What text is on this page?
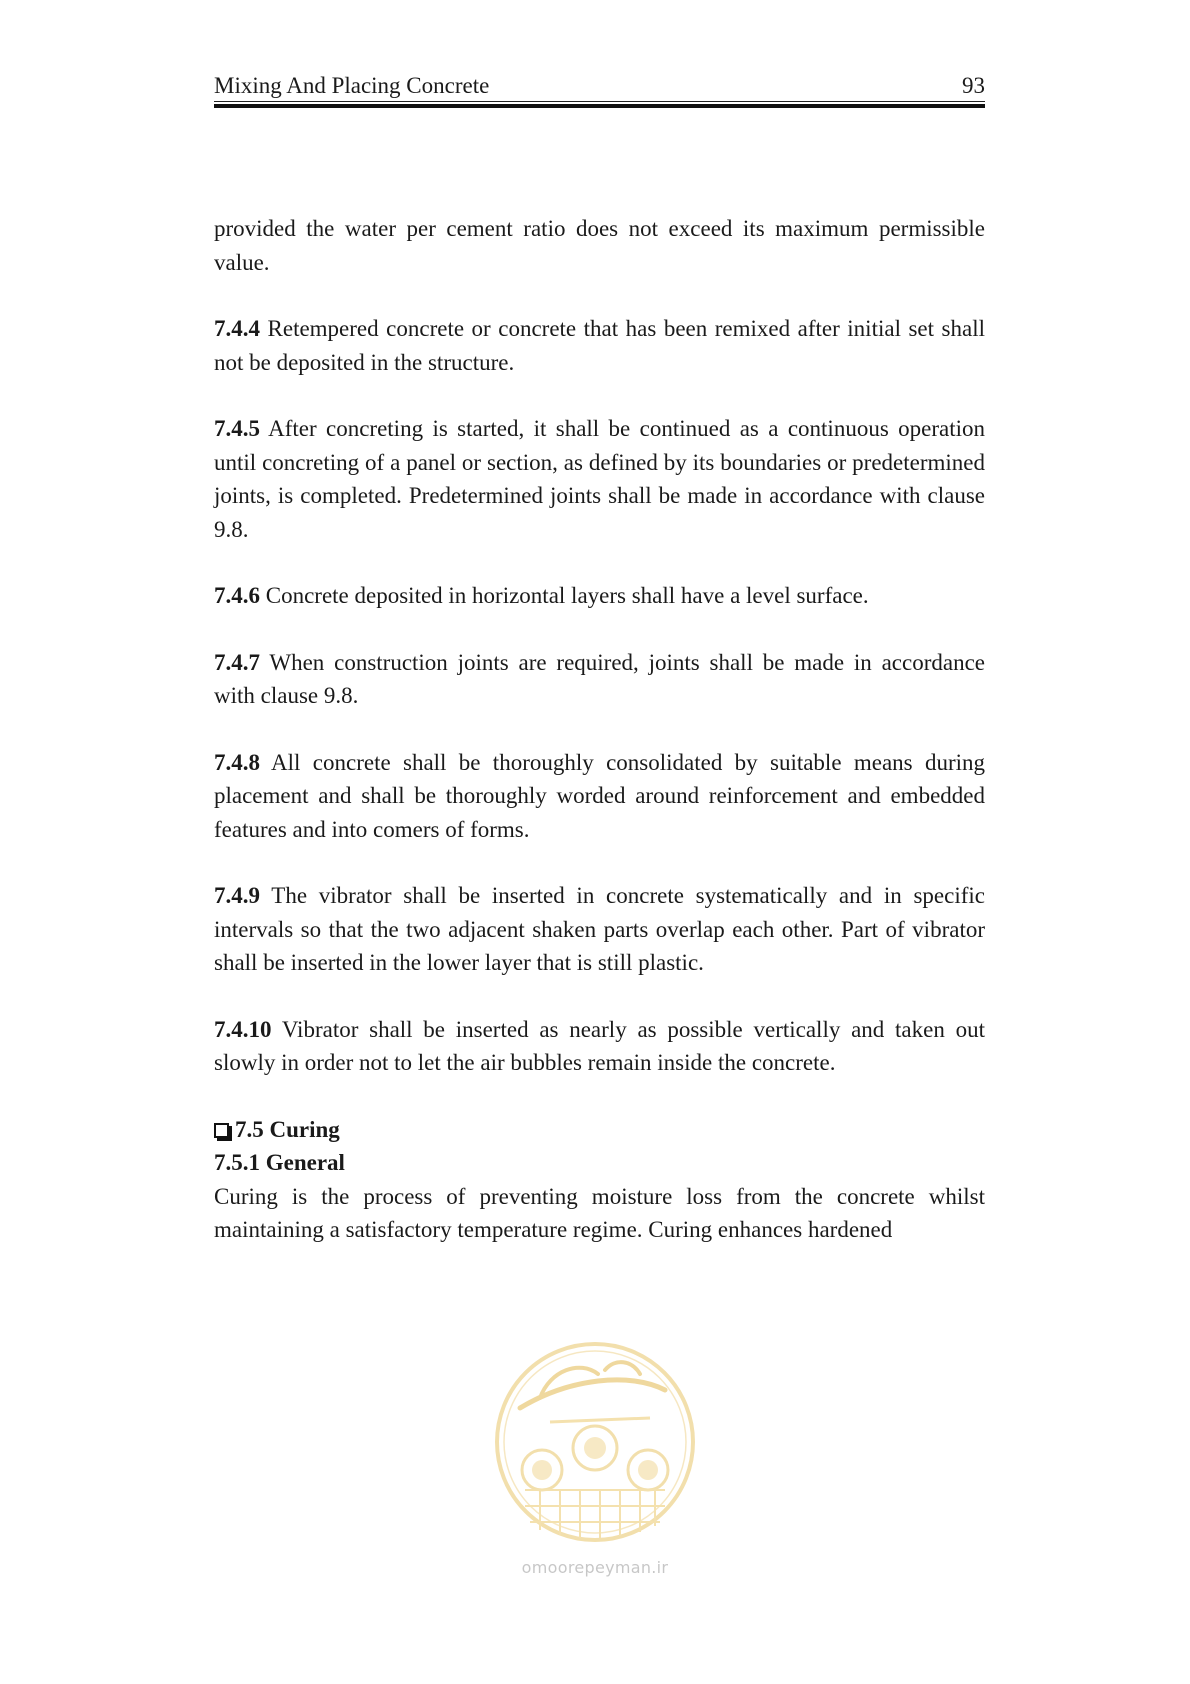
Mixing And Placing Concrete	93

provided the water per cement ratio does not exceed its maximum permissible value.

7.4.4 Retempered concrete or concrete that has been remixed after initial set shall not be deposited in the structure.

7.4.5 After concreting is started, it shall be continued as a continuous operation until concreting of a panel or section, as defined by its boundaries or predetermined joints, is completed. Predetermined joints shall be made in accordance with clause 9.8.

7.4.6 Concrete deposited in horizontal layers shall have a level surface.

7.4.7 When construction joints are required, joints shall be made in accordance with clause 9.8.

7.4.8 All concrete shall be thoroughly consolidated by suitable means during placement and shall be thoroughly worded around reinforcement and embedded features and into comers of forms.

7.4.9 The vibrator shall be inserted in concrete systematically and in specific intervals so that the two adjacent shaken parts overlap each other. Part of vibrator shall be inserted in the lower layer that is still plastic.

7.4.10 Vibrator shall be inserted as nearly as possible vertically and taken out slowly in order not to let the air bubbles remain inside the concrete.

7.5 Curing
7.5.1 General

Curing is the process of preventing moisture loss from the concrete whilst maintaining a satisfactory temperature regime. Curing enhances hardened

omoorepeyman.ir
